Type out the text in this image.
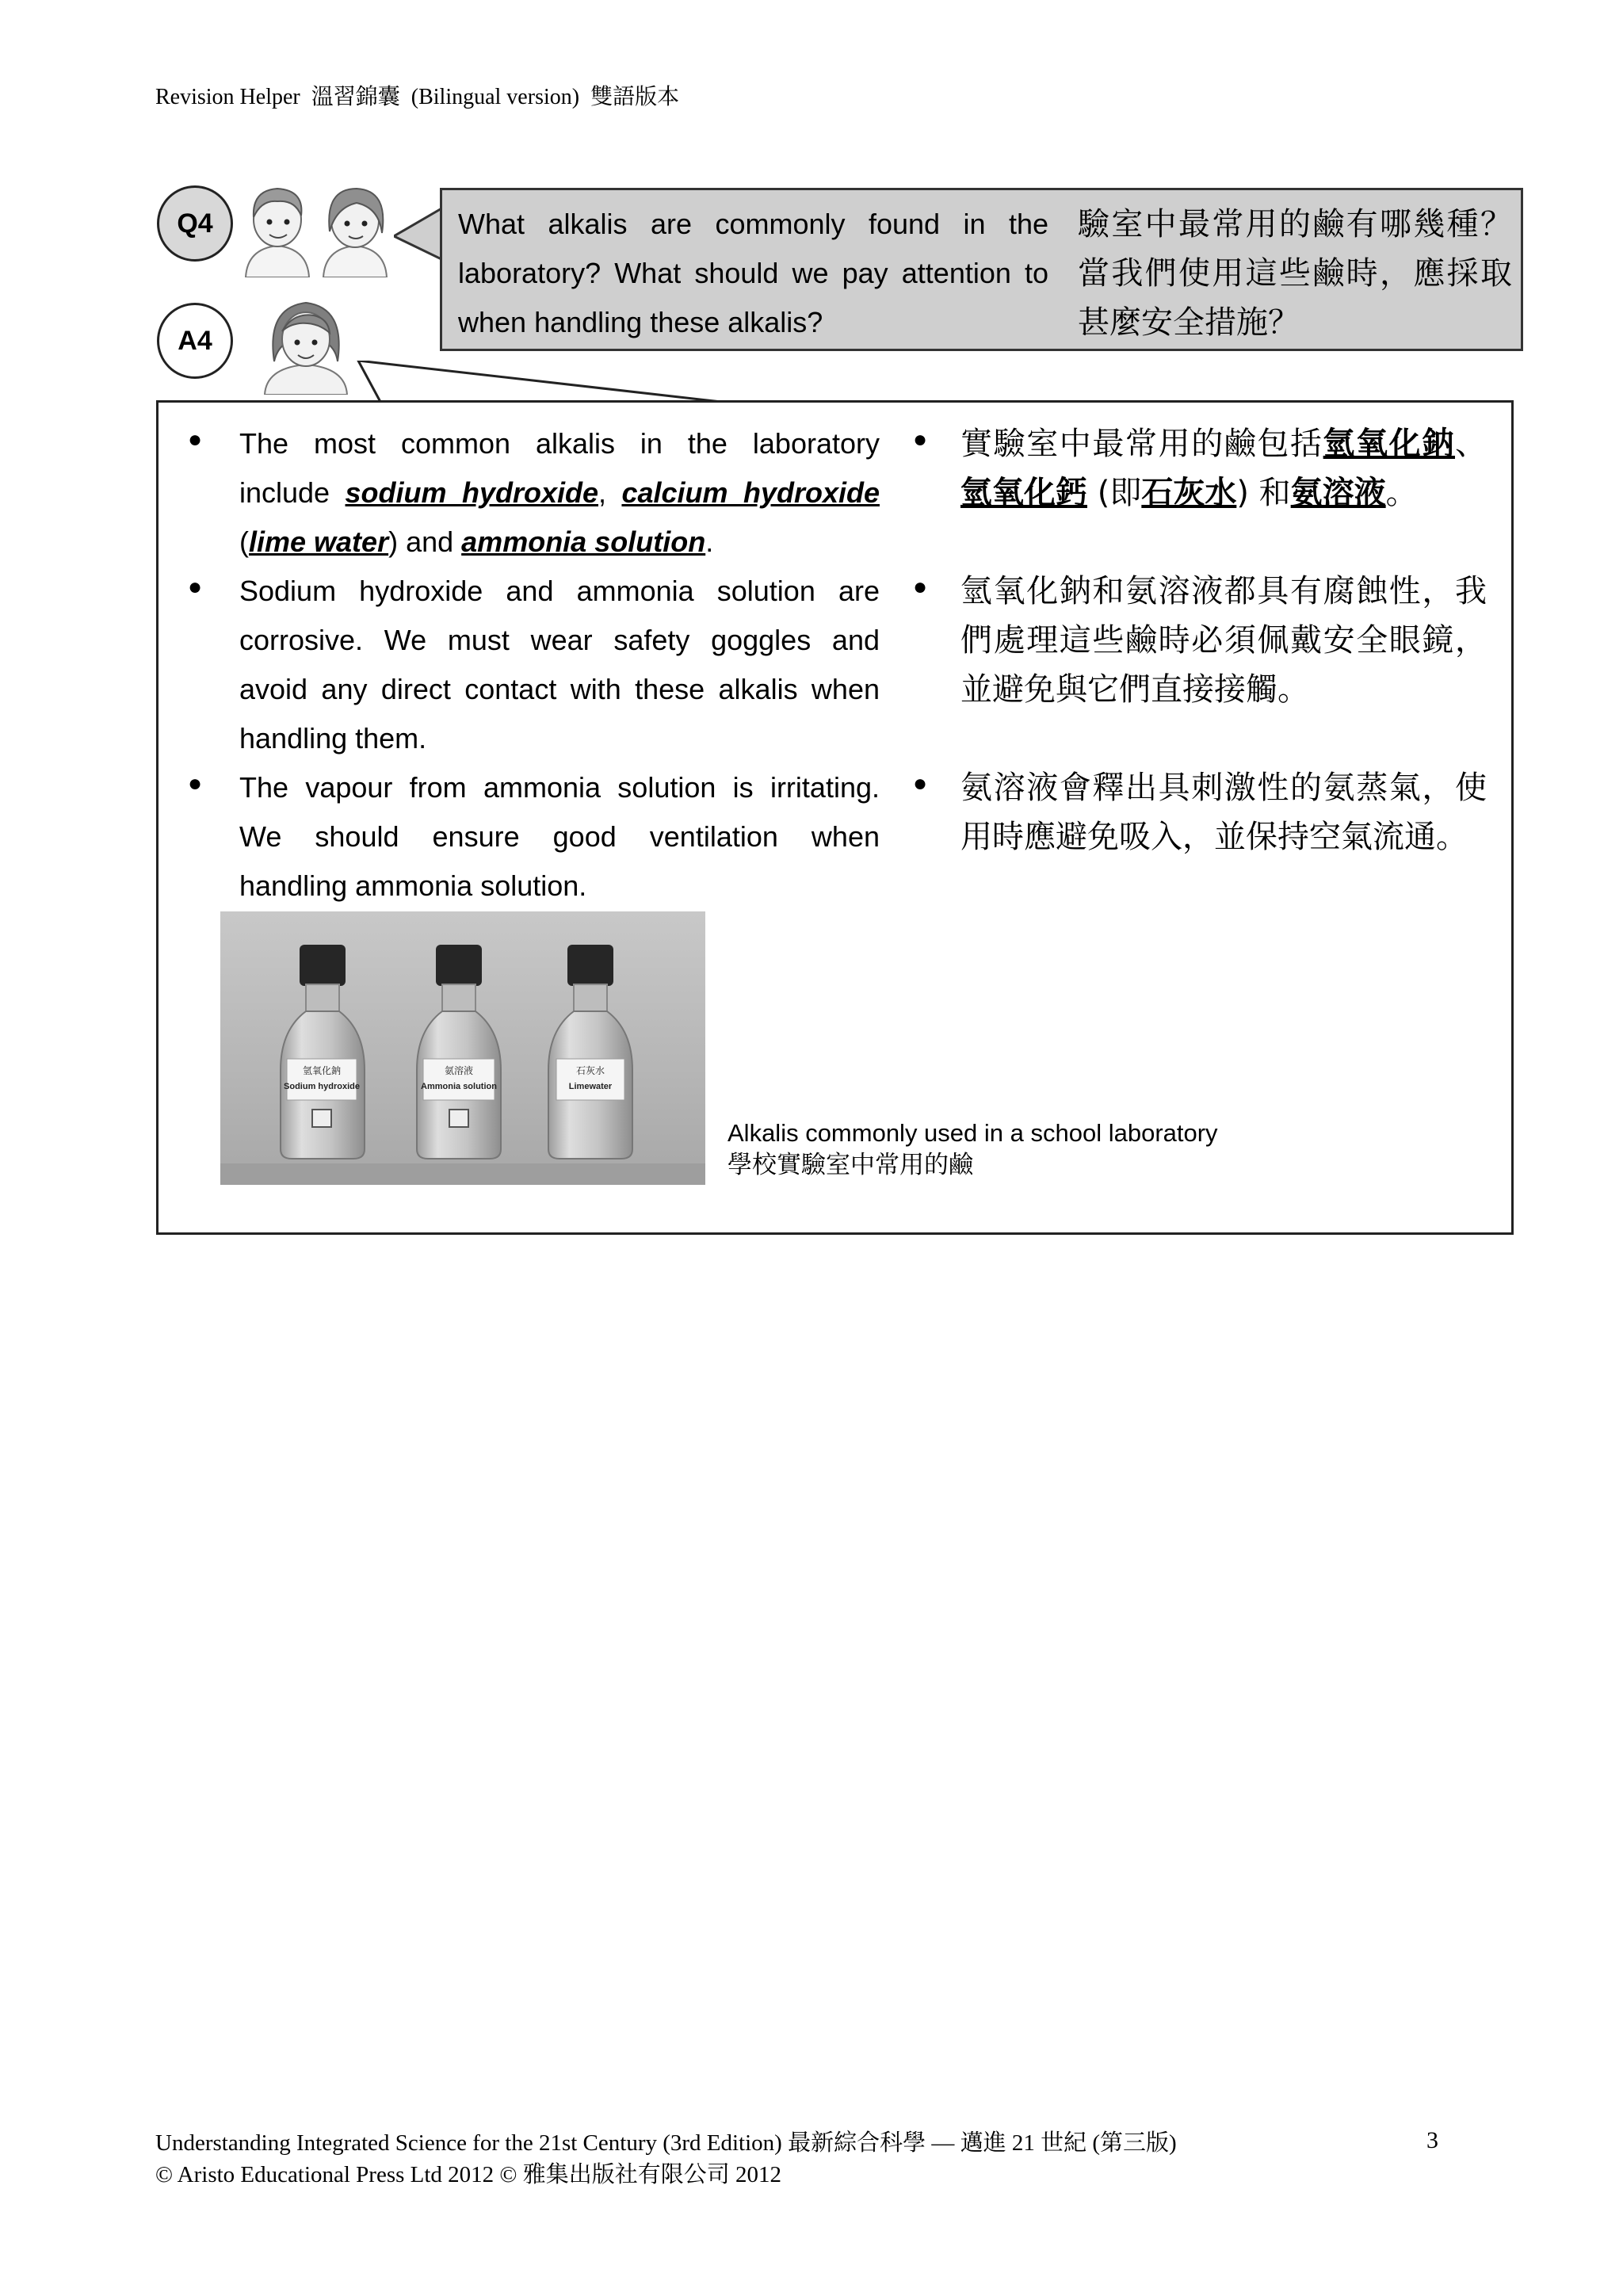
Revision Helper 溫習錦囊 (Bilingual version) 雙語版本
Q4	What alkalis are commonly found in the

laboratory? What should we pay attention to

when handling these alkalis?

驗室中最常用的鹼有哪幾種？

當我們使用這些鹼時，應採取

甚麼安全措施？

A4
● The most common alkalis in the laboratory

include sodium hydroxide, calcium hydroxide

(lime water) and ammonia solution.

● 實驗室中最常用的鹼包括氫氧化鈉、

氫氧化鈣 (即石灰水) 和氨溶液。

● Sodium hydroxide and ammonia solution are

corrosive. We must wear safety goggles and

avoid any direct contact with these alkalis when

handling them.

● 氫氧化鈉和氨溶液都具有腐蝕性，我

們處理這些鹼時必須佩戴安全眼鏡，

並避免與它們直接接觸。

● The vapour from ammonia solution is irritating.

We should ensure good ventilation when

handling ammonia solution.

● 氨溶液會釋出具刺激性的氨蒸氣，使

用時應避免吸入，並保持空氣流通。

氫氧化鈉
Sodium hydroxide
氨溶液
Ammonia solution
石灰水
Limewater
Alkalis commonly used in a school laboratory
學校實驗室中常用的鹼
Understanding Integrated Science for the 21st Century (3rd Edition) 最新綜合科學 — 邁進 21 世紀 (第三版)
© Aristo Educational Press Ltd 2012 © 雅集出版社有限公司 2012
3
